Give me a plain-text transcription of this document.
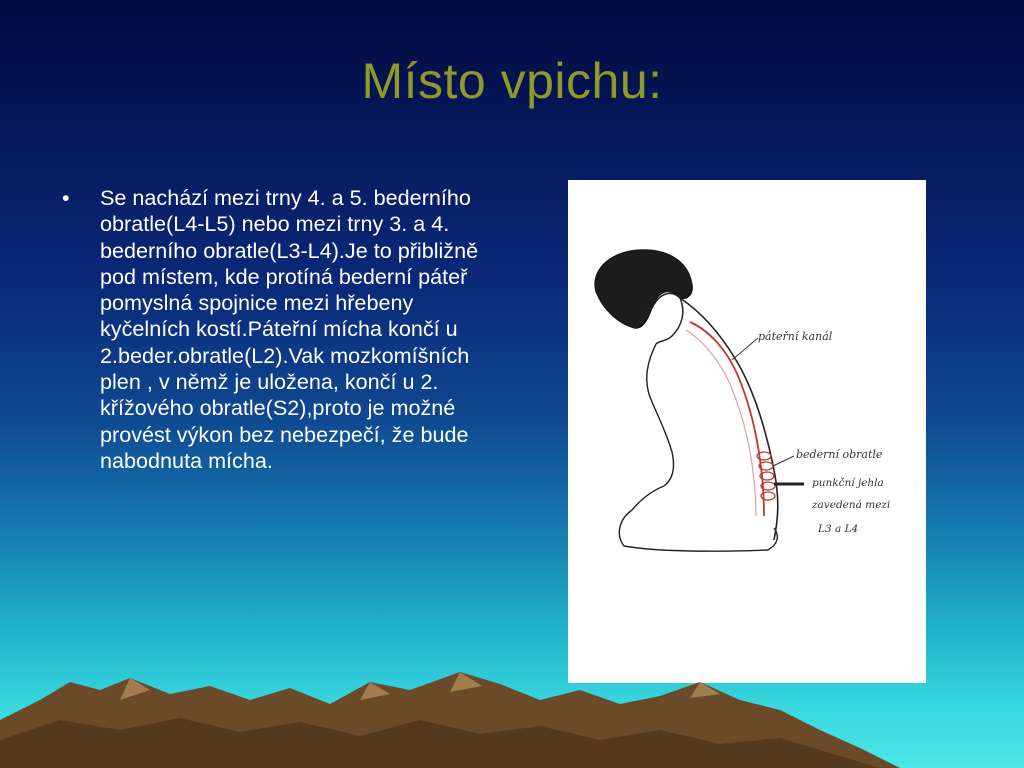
Místo vpichu:
• Se nachází mezi trny 4. a 5. bederního obratle(L4-L5) nebo mezi trny 3. a 4. bederního obratle(L3-L4).Je to přibližně pod místem, kde protíná bederní páteř pomyslná spojnice mezi hřebeny kyčelních kostí.Páteřní mícha končí u 2.beder.obratle(L2).Vak mozkomíšních plen , v němž je uložena, končí u 2. křížového obratle(S2),proto je možné provést výkon bez nebezpečí, že bude nabodnuta mícha.
páteřní kanál
bederní obratle
punkční jehla
zavedená mezi
L3 a L4
